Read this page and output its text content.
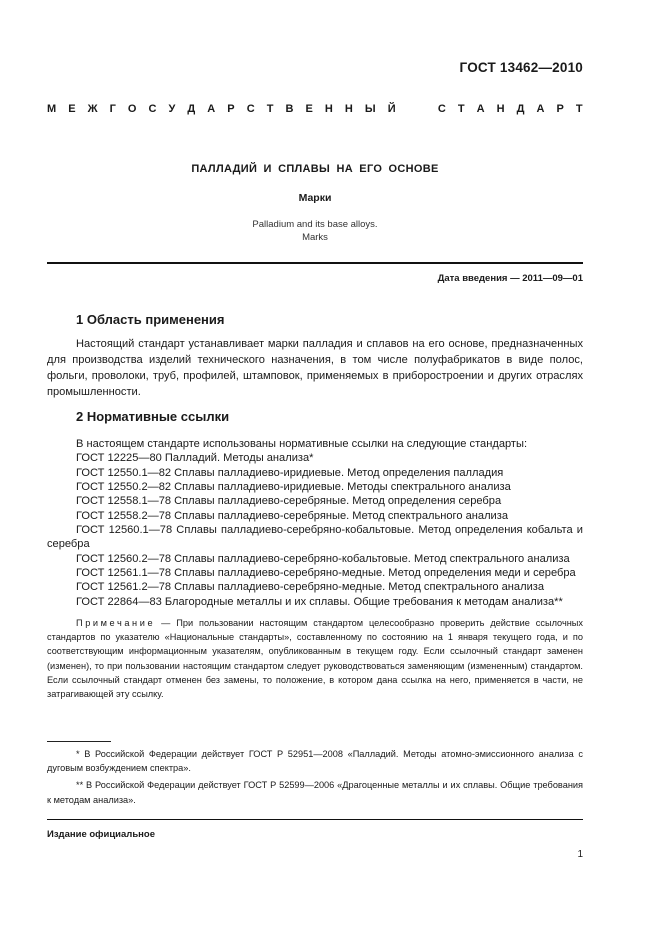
ГОСТ 13462—2010
М Е Ж Г О С У Д А Р С Т В Е Н Н Ы Й

	С Т А Н Д А Р Т
ПАЛЛАДИЙ И СПЛАВЫ НА ЕГО ОСНОВЕ
Марки
Palladium and its base alloys.
Marks
Дата введения — 2011—09—01
1 Область применения

Настоящий стандарт устанавливает марки палладия и сплавов на его основе, предназначенных для производства изделий технического назначения, в том числе полуфабрикатов в виде полос, фольги, проволоки, труб, профилей, штамповок, применяемых в приборостроении и других отраслях промышленности.

2 Нормативные ссылки
В настоящем стандарте использованы нормативные ссылки на следующие стандарты:
ГОСТ 12225—80 Палладий. Методы анализа*
ГОСТ 12550.1—82 Сплавы палладиево-иридиевые. Метод определения палладия
ГОСТ 12550.2—82 Сплавы палладиево-иридиевые. Методы спектрального анализа
ГОСТ 12558.1—78 Сплавы палладиево-серебряные. Метод определения серебра
ГОСТ 12558.2—78 Сплавы палладиево-серебряные. Метод спектрального анализа
ГОСТ 12560.1—78 Сплавы палладиево-серебряно-кобальтовые. Метод определения кобальта и серебра
ГОСТ 12560.2—78 Сплавы палладиево-серебряно-кобальтовые. Метод спектрального анализа
ГОСТ 12561.1—78 Сплавы палладиево-серебряно-медные. Метод определения меди и серебра
ГОСТ 12561.2—78 Сплавы палладиево-серебряно-медные. Метод спектрального анализа
ГОСТ 22864—83 Благородные металлы и их сплавы. Общие требования к методам анализа**

Примечание — При пользовании настоящим стандартом целесообразно проверить действие ссылочных стандартов по указателю «Национальные стандарты», составленному по состоянию на 1 января текущего года, и по соответствующим информационным указателям, опубликованным в текущем году. Если ссылочный стандарт заменен (изменен), то при пользовании настоящим стандартом следует руководствоваться заменяющим (измененным) стандартом. Если ссылочный стандарт отменен без замены, то положение, в котором дана ссылка на него, применяется в части, не затрагивающей эту ссылку.

* В Российской Федерации действует ГОСТ Р 52951—2008 «Палладий. Методы атомно-эмиссионного анализа с дуговым возбуждением спектра».

** В Российской Федерации действует ГОСТ Р 52599—2006 «Драгоценные металлы и их сплавы. Общие требования к методам анализа».

Издание официальное
1
